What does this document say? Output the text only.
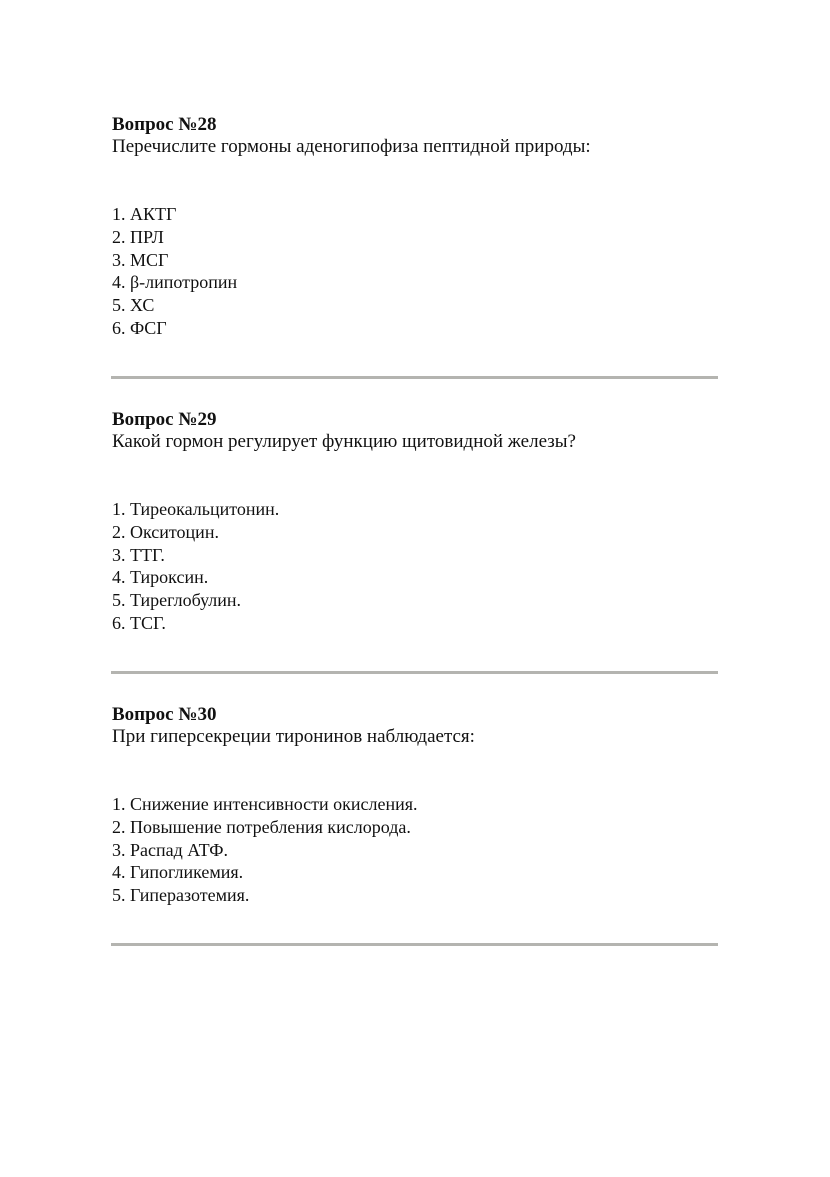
Вопрос №28

Перечислите гормоны аденогипофиза пептидной природы:

1. АКТГ
2. ПРЛ
3. МСГ
4. β-липотропин
5. ХС
6. ФСГ

Вопрос №29

Какой гормон регулирует функцию щитовидной железы?

1. Тиреокальцитонин.
2. Окситоцин.
3. ТТГ.
4. Тироксин.
5. Тиреглобулин.
6. ТСГ.

Вопрос №30

При гиперсекреции тиронинов наблюдается:

1. Снижение интенсивности окисления.
2. Повышение потребления кислорода.
3. Распад АТФ.
4. Гипогликемия.
5. Гиперазотемия.
